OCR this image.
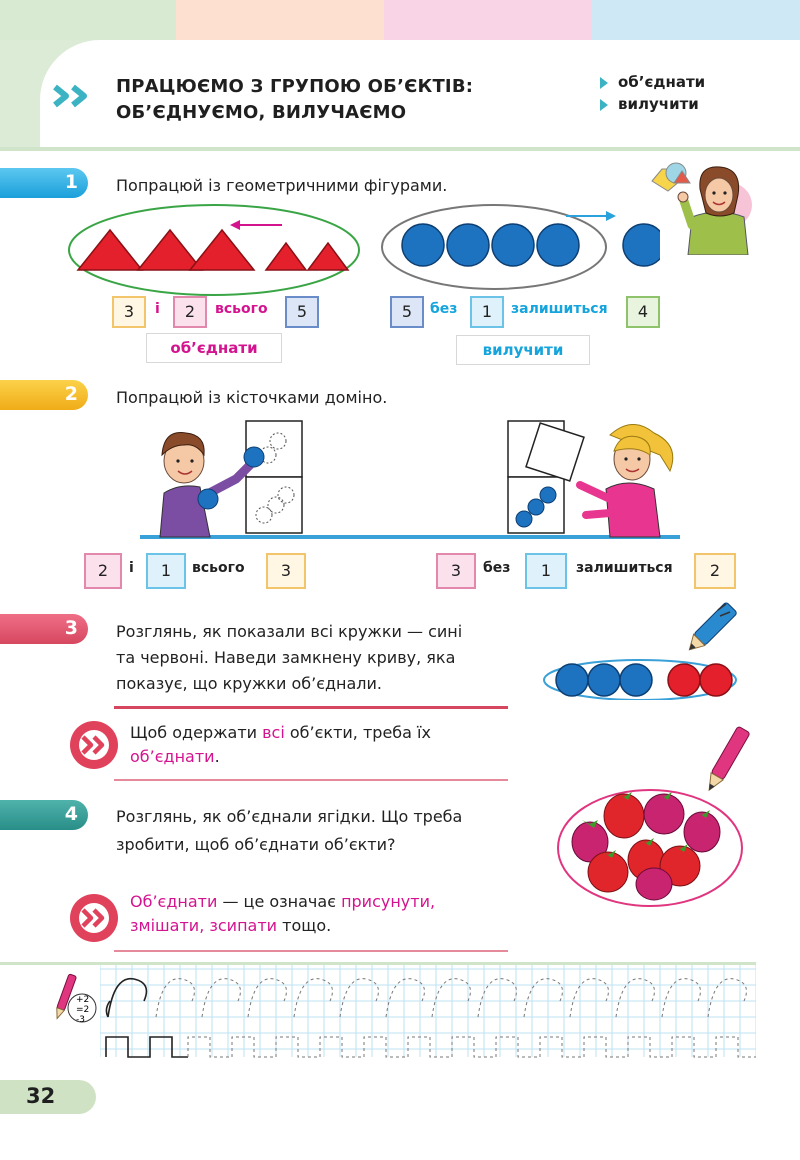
ПРАЦЮЄМО З ГРУПОЮ ОБ’ЄКТІВ:
ОБ’ЄДНУЄМО, ВИЛУЧАЄМО
об’єднати
вилучити
1 Попрацюй із геометричними фігурами.
3	і	2	всього	5
об’єднати
5	без	1	залишиться	4
вилучити
2 Попрацюй із кісточками доміно.
2	і	1	всього	3	3	без	1	залишиться	2
3 Розглянь, як показали всі кружки — сині
та червоні. Наведи замкнену криву, яка
показує, що кружки об’єднали.
Щоб одержати всі об’єкти, треба їх
об’єднати.
4 Розглянь, як об’єднали ягідки. Що треба
зробити, щоб об’єднати об’єкти?
Об’єднати — це означає присунути,
змішати, зсипати тощо.
+2
=2
-3
32
